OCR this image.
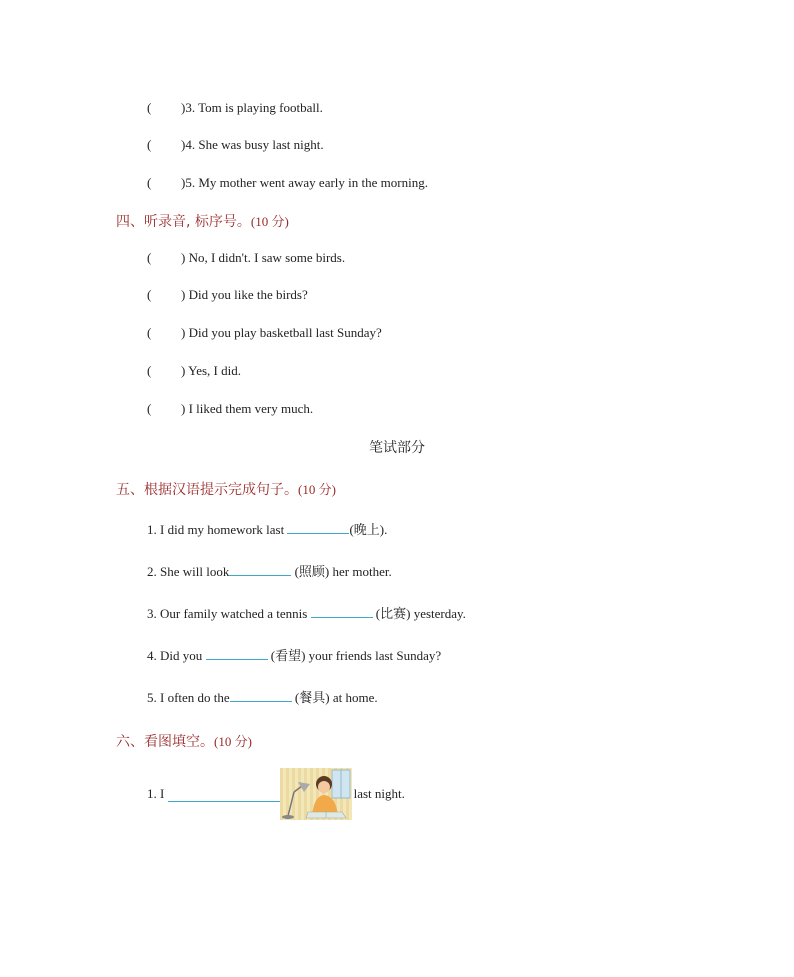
( )3. Tom is playing football.
( )4. She was busy last night.
( )5. My mother went away early in the morning.
四、听录音, 标序号。(10 分)
( ) No, I didn't. I saw some birds.
( ) Did you like the birds?
( ) Did you play basketball last Sunday?
( ) Yes, I did.
( ) I liked them very much.
笔试部分
五、根据汉语提示完成句子。(10 分)
1. I did my homework last	(晚上).
2. She will look	(照顾) her mother.
3. Our family watched a tennis	(比赛) yesterday.
4. Did you	(看望) your friends last Sunday?
5. I often do the	(餐具) at home.
六、看图填空。(10 分)
1. I	last night.
